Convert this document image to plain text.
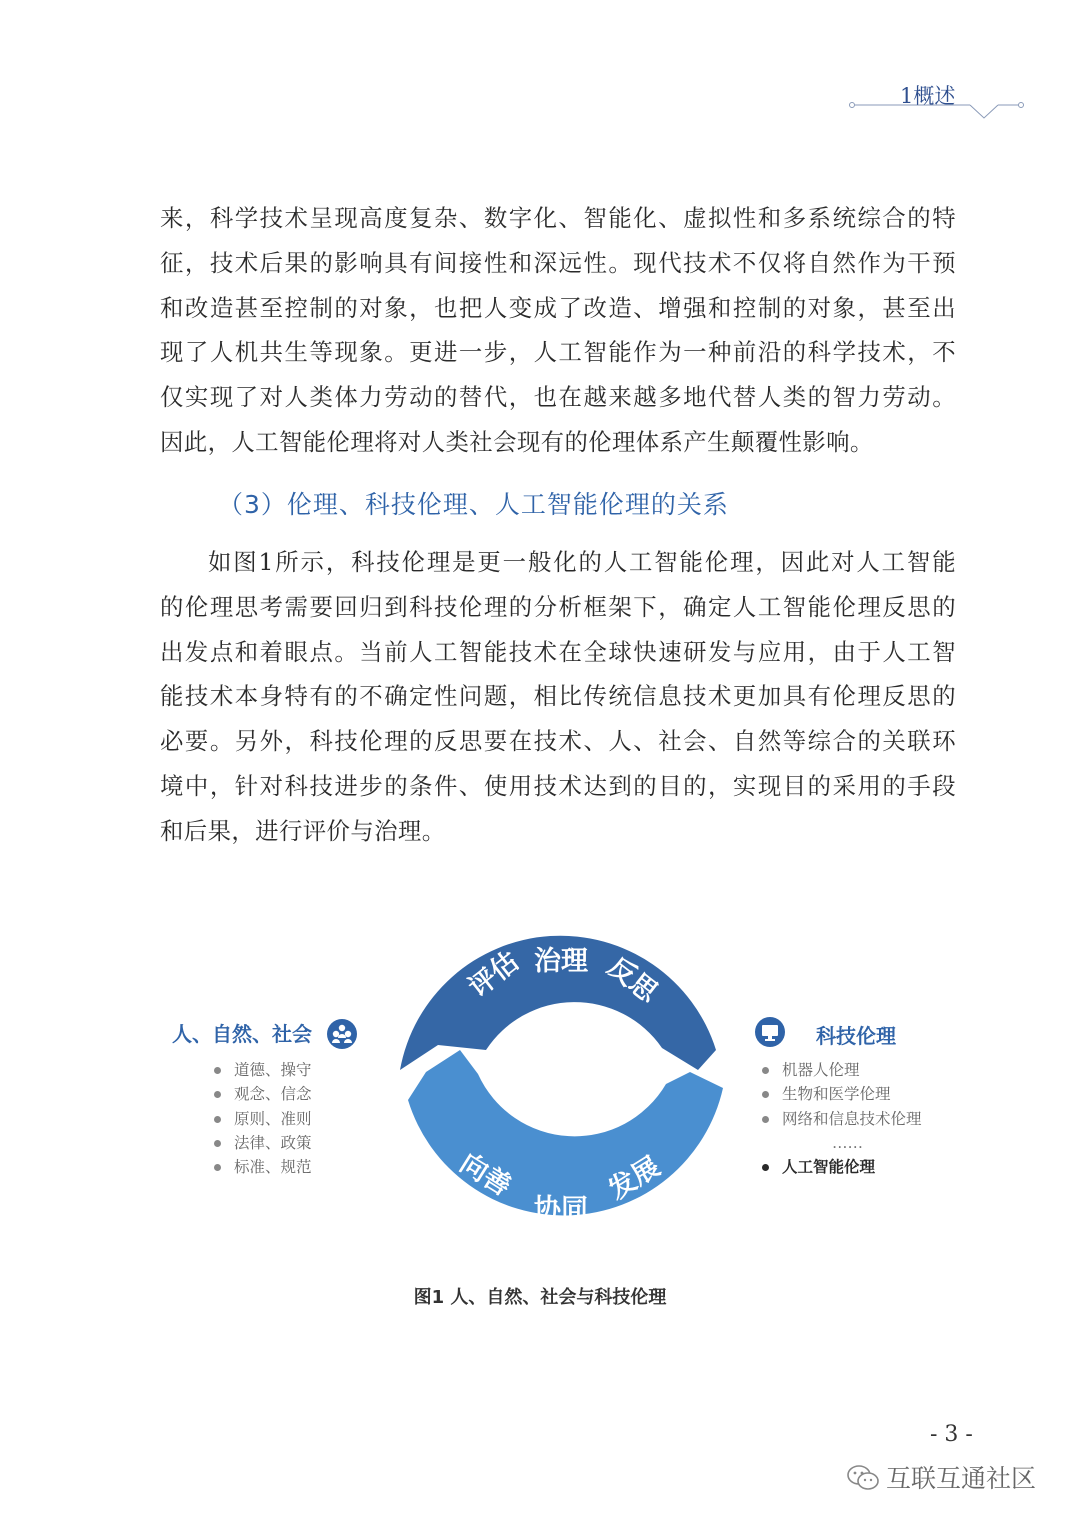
1概述
来，科学技术呈现高度复杂、数字化、智能化、虚拟性和多系统综合的特
征，技术后果的影响具有间接性和深远性。现代技术不仅将自然作为干预
和改造甚至控制的对象，也把人变成了改造、增强和控制的对象，甚至出
现了人机共生等现象。更进一步，人工智能作为一种前沿的科学技术，不
仅实现了对人类体力劳动的替代，也在越来越多地代替人类的智力劳动。
因此，人工智能伦理将对人类社会现有的伦理体系产生颠覆性影响。
（3）伦理、科技伦理、人工智能伦理的关系
如图1所示，科技伦理是更一般化的人工智能伦理，因此对人工智能
的伦理思考需要回归到科技伦理的分析框架下，确定人工智能伦理反思的
出发点和着眼点。当前人工智能技术在全球快速研发与应用，由于人工智
能技术本身特有的不确定性问题，相比传统信息技术更加具有伦理反思的
必要。另外，科技伦理的反思要在技术、人、社会、自然等综合的关联环
境中，针对科技进步的条件、使用技术达到的目的，实现目的采用的手段
和后果，进行评价与治理。
人、自然、社会
道德、操守
观念、信念
原则、准则
法律、政策
标准、规范
评估 治理 反思
向善
协同
发展
科技伦理
机器人伦理
生物和医学伦理
网络和信息技术伦理
……
人工智能伦理
图1 人、自然、社会与科技伦理
- 3 -
互联互通社区
